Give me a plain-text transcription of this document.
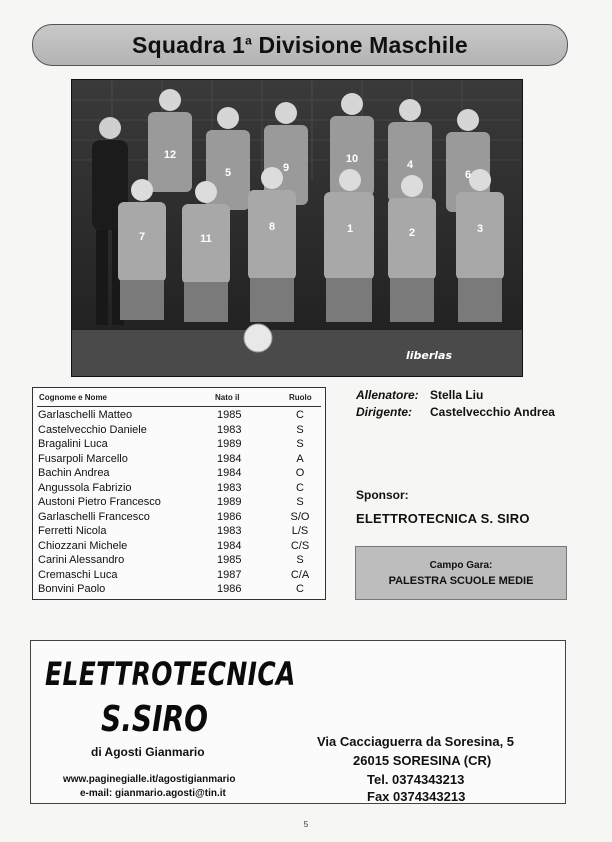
Squadra 1$^a$ Divisione Maschile
12
5	9
10	4
6
7	11
8	1	2	3
liberlas
Cognome e Nome	Nato il	Ruolo
Garlaschelli Matteo	1985	C
Castelvecchio Daniele	1983	S
Bragalini Luca	1989	S
Fusarpoli Marcello	1984	A
Bachin Andrea	1984	O
Angussola Fabrizio	1983	C
Austoni Pietro Francesco	1989	S
Garlaschelli Francesco	1986	S/O
Ferretti Nicola	1983	L/S
Chiozzani Michele	1984	C/S
Carini Alessandro	1985	S
Cremaschi Luca	1987	C/A
Bonvini Paolo	1986	C
Allenatore: Stella Liu
Dirigente: Castelvecchio Andrea
Sponsor:
ELETTROTECNICA S. SIRO
Campo Gara:
PALESTRA SCUOLE MEDIE
ELETTROTECNICA
S.SIRO
di Agosti Gianmario
www.paginegialle.it/agostigianmario
e-mail: gianmario.agosti@tin.it
Via Cacciaguerra da Soresina, 5
26015 SORESINA (CR)
Tel. 0374343213
Fax 0374343213
5
